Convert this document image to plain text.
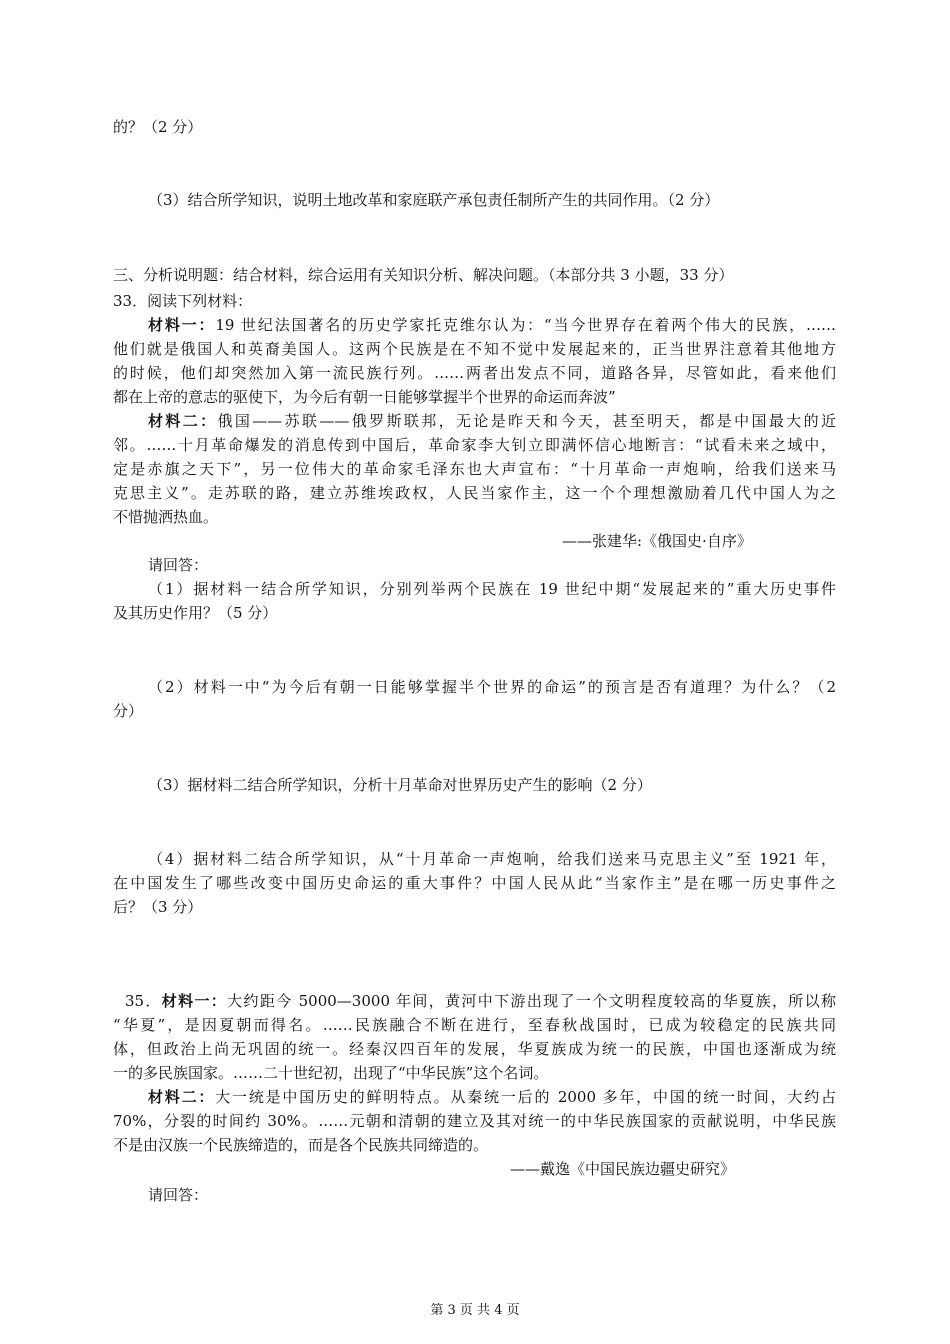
的？（2 分）
（3）结合所学知识，说明土地改革和家庭联产承包责任制所产生的共同作用。（2 分）
三、分析说明题：结合材料，综合运用有关知识分析、解决问题。（本部分共 3 小题，33 分）
33．阅读下列材料：
材料一：19 世纪法国著名的历史学家托克维尔认为：“当今世界存在着两个伟大的民族，……
他们就是俄国人和英裔美国人。这两个民族是在不知不觉中发展起来的，正当世界注意着其他地方
的时候，他们却突然加入第一流民族行列。……两者出发点不同，道路各异，尽管如此，看来他们
都在上帝的意志的驱使下，为今后有朝一日能够掌握半个世界的命运而奔波”
材料二：俄国——苏联——俄罗斯联邦，无论是昨天和今天，甚至明天，都是中国最大的近
邻。……十月革命爆发的消息传到中国后，革命家李大钊立即满怀信心地断言：“试看未来之域中，
定是赤旗之天下”，另一位伟大的革命家毛泽东也大声宣布：“十月革命一声炮响，给我们送来马
克思主义”。走苏联的路，建立苏维埃政权，人民当家作主，这一个个理想激励着几代中国人为之
不惜抛洒热血。
——张建华:《俄国史·自序》
请回答：
（1）据材料一结合所学知识，分别列举两个民族在 19 世纪中期“发展起来的”重大历史事件
及其历史作用？（5 分）
（2）材料一中“为今后有朝一日能够掌握半个世界的命运”的预言是否有道理？为什么？（2
分）
（3）据材料二结合所学知识，分析十月革命对世界历史产生的影响（2 分）
（4）据材料二结合所学知识，从“十月革命一声炮响，给我们送来马克思主义”至 1921 年，
在中国发生了哪些改变中国历史命运的重大事件？中国人民从此“当家作主”是在哪一历史事件之
后？（3 分）
35．材料一：大约距今 5000—3000 年间，黄河中下游出现了一个文明程度较高的华夏族，所以称
“华夏”，是因夏朝而得名。……民族融合不断在进行，至春秋战国时，已成为较稳定的民族共同
体，但政治上尚无巩固的统一。经秦汉四百年的发展，华夏族成为统一的民族，中国也逐渐成为统
一的多民族国家。……二十世纪初，出现了“中华民族”这个名词。
材料二：大一统是中国历史的鲜明特点。从秦统一后的 2000 多年，中国的统一时间，大约占
70%，分裂的时间约 30%。……元朝和清朝的建立及其对统一的中华民族国家的贡献说明，中华民族
不是由汉族一个民族缔造的，而是各个民族共同缔造的。
——戴逸《中国民族边疆史研究》
请回答：
第 3 页 共 4 页
